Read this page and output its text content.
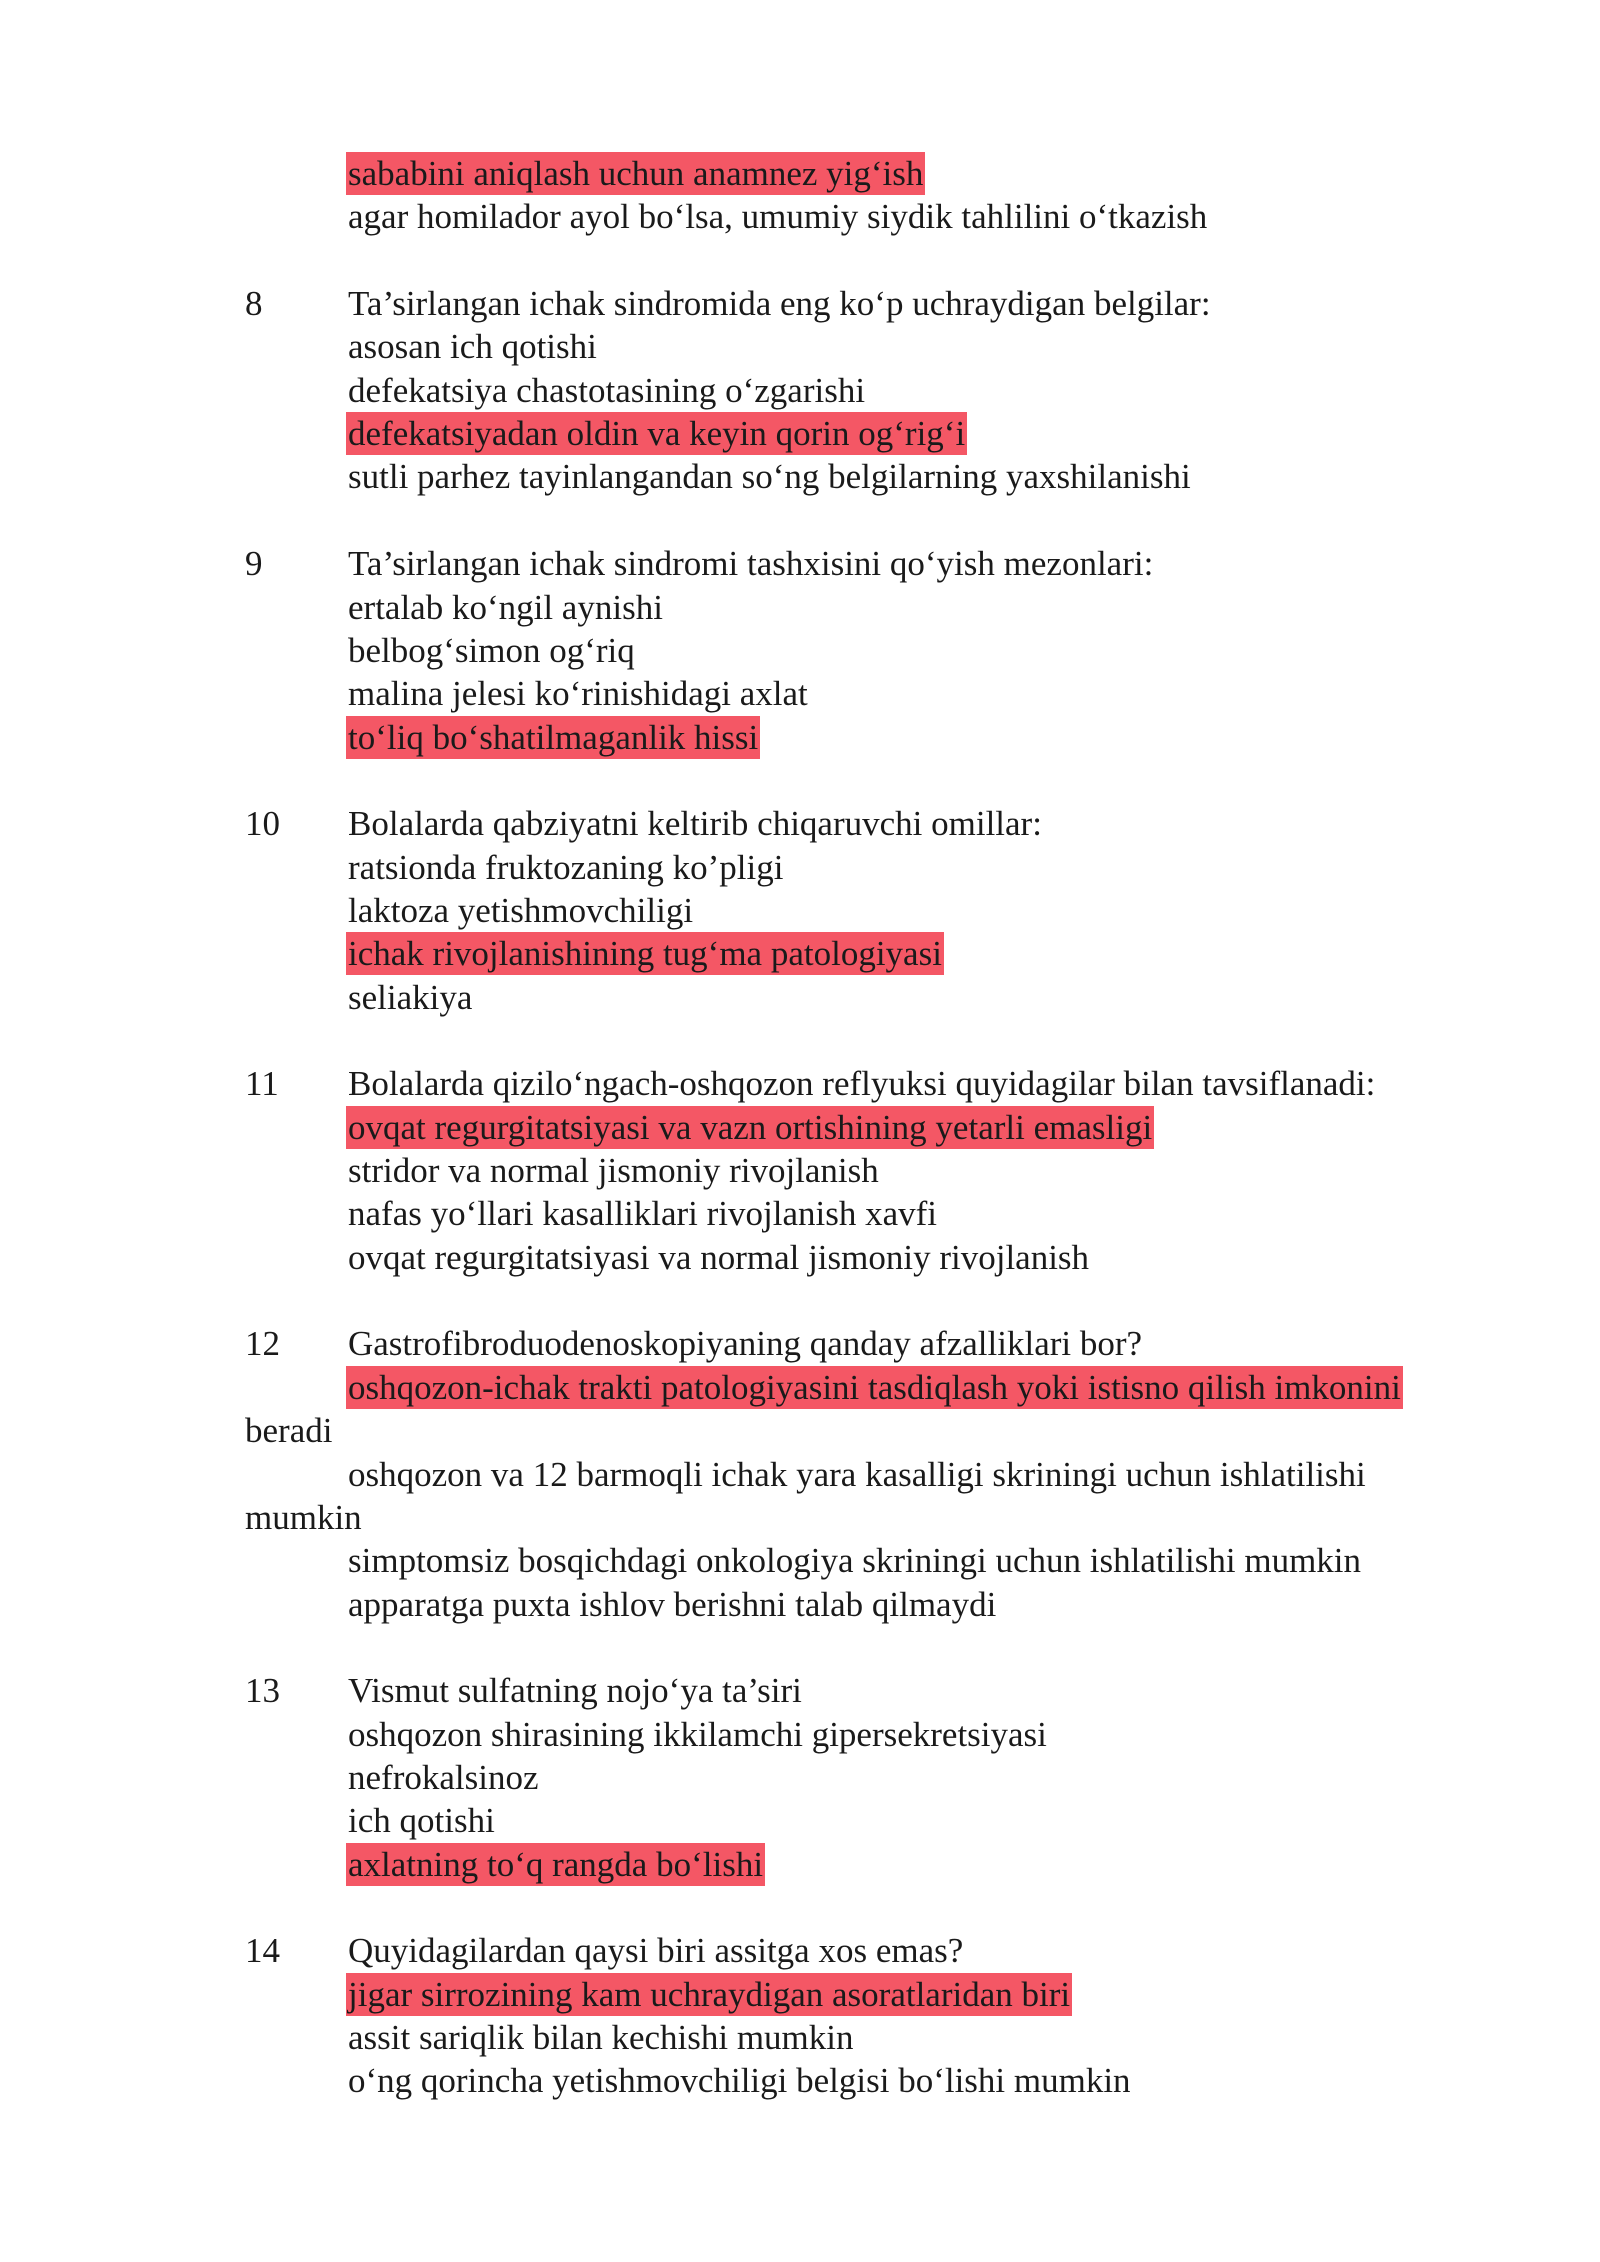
sababini aniqlash uchun anamnez yig‘ish
agar homilador ayol bo‘lsa, umumiy siydik tahlilini o‘tkazish
8 Ta’sirlangan ichak sindromida eng ko‘p uchraydigan belgilar:
asosan ich qotishi
defekatsiya chastotasining o‘zgarishi
defekatsiyadan oldin va keyin qorin og‘rig‘i
sutli parhez tayinlangandan so‘ng belgilarning yaxshilanishi
9 Ta’sirlangan ichak sindromi tashxisini qo‘yish mezonlari:
ertalab ko‘ngil aynishi
belbog‘simon og‘riq
malina jelesi ko‘rinishidagi axlat
to‘liq bo‘shatilmaganlik hissi
10 Bolalarda qabziyatni keltirib chiqaruvchi omillar:
ratsionda fruktozaning ko’pligi
laktoza yetishmovchiligi
ichak rivojlanishining tug‘ma patologiyasi
seliakiya
11 Bolalarda qizilo‘ngach-oshqozon reflyuksi quyidagilar bilan tavsiflanadi:
ovqat regurgitatsiyasi va vazn ortishining yetarli emasligi
stridor va normal jismoniy rivojlanish
nafas yo‘llari kasalliklari rivojlanish xavfi
ovqat regurgitatsiyasi va normal jismoniy rivojlanish
12 Gastrofibroduodenoskopiyaning qanday afzalliklari bor?
oshqozon-ichak trakti patologiyasini tasdiqlash yoki istisno qilish imkonini
beradi
oshqozon va 12 barmoqli ichak yara kasalligi skriningi uchun ishlatilishi
mumkin
simptomsiz bosqichdagi onkologiya skriningi uchun ishlatilishi mumkin
apparatga puxta ishlov berishni talab qilmaydi
13 Vismut sulfatning nojo‘ya ta’siri
oshqozon shirasining ikkilamchi gipersekretsiyasi
nefrokalsinoz
ich qotishi
axlatning to‘q rangda bo‘lishi
14 Quyidagilardan qaysi biri assitga xos emas?
jigar sirrozining kam uchraydigan asoratlaridan biri
assit sariqlik bilan kechishi mumkin
o‘ng qorincha yetishmovchiligi belgisi bo‘lishi mumkin
